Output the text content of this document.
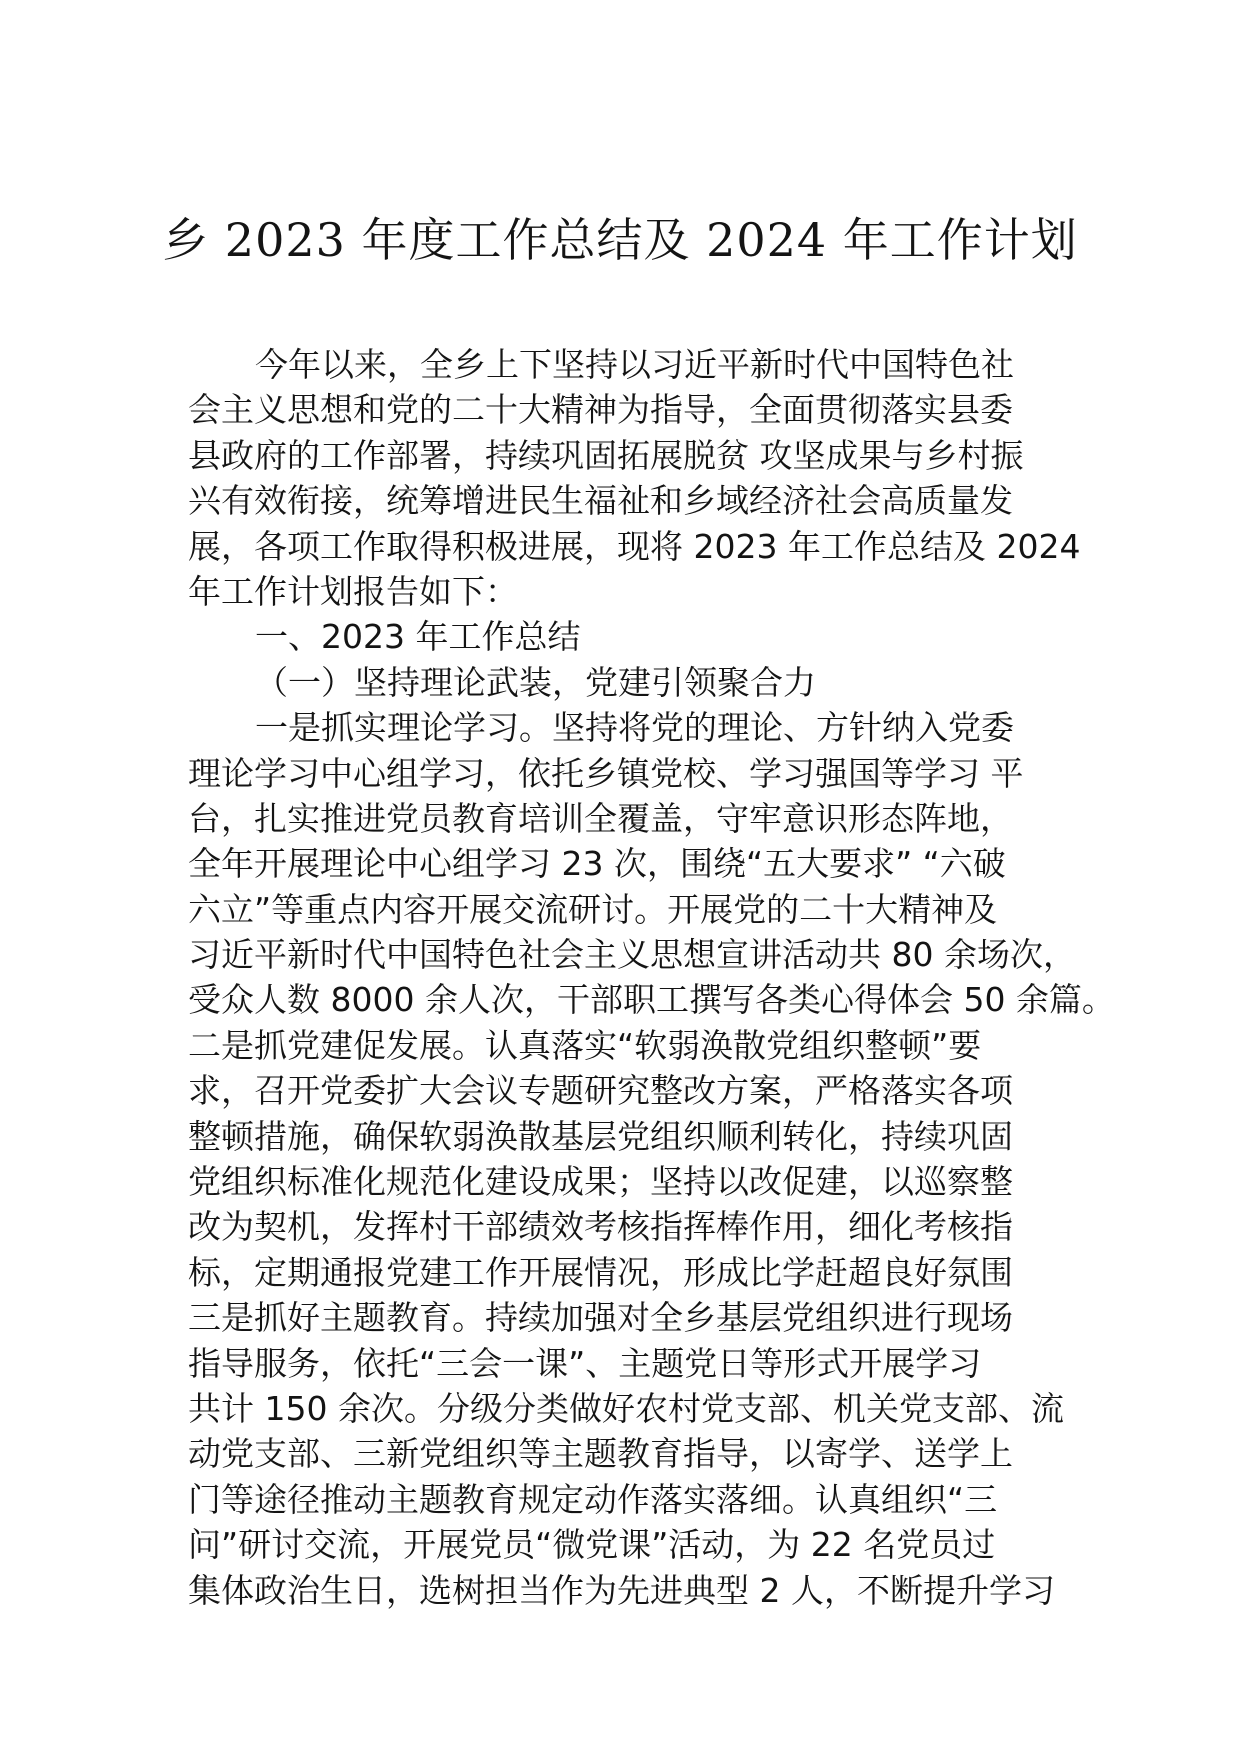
乡 2023 年度工作总结及 2024 年工作计划
今年以来，全乡上下坚持以习近平新时代中国特色社
会主义思想和党的二十大精神为指导，全面贯彻落实县委
县政府的工作部署，持续巩固拓展脱贫 攻坚成果与乡村振
兴有效衔接，统筹增进民生福祉和乡域经济社会高质量发
展，各项工作取得积极进展，现将 2023 年工作总结及 2024
年工作计划报告如下：
一、2023 年工作总结
（一）坚持理论武装，党建引领聚合力
一是抓实理论学习。坚持将党的理论、方针纳入党委
理论学习中心组学习，依托乡镇党校、学习强国等学习 平
台，扎实推进党员教育培训全覆盖，守牢意识形态阵地，
全年开展理论中心组学习 23 次，围绕“五大要求” “六破
六立”等重点内容开展交流研讨。开展党的二十大精神及
习近平新时代中国特色社会主义思想宣讲活动共 80 余场次，
受众人数 8000 余人次，干部职工撰写各类心得体会 50 余篇。
二是抓党建促发展。认真落实“软弱涣散党组织整顿”要
求，召开党委扩大会议专题研究整改方案，严格落实各项
整顿措施，确保软弱涣散基层党组织顺利转化，持续巩固
党组织标准化规范化建设成果；坚持以改促建，以巡察整
改为契机，发挥村干部绩效考核指挥棒作用，细化考核指
标，定期通报党建工作开展情况，形成比学赶超良好氛围
三是抓好主题教育。持续加强对全乡基层党组织进行现场
指导服务，依托“三会一课”、主题党日等形式开展学习
共计 150 余次。分级分类做好农村党支部、机关党支部、流
动党支部、三新党组织等主题教育指导，以寄学、送学上
门等途径推动主题教育规定动作落实落细。认真组织“三
问”研讨交流，开展党员“微党课”活动，为 22 名党员过
集体政治生日，选树担当作为先进典型 2 人，不断提升学习
